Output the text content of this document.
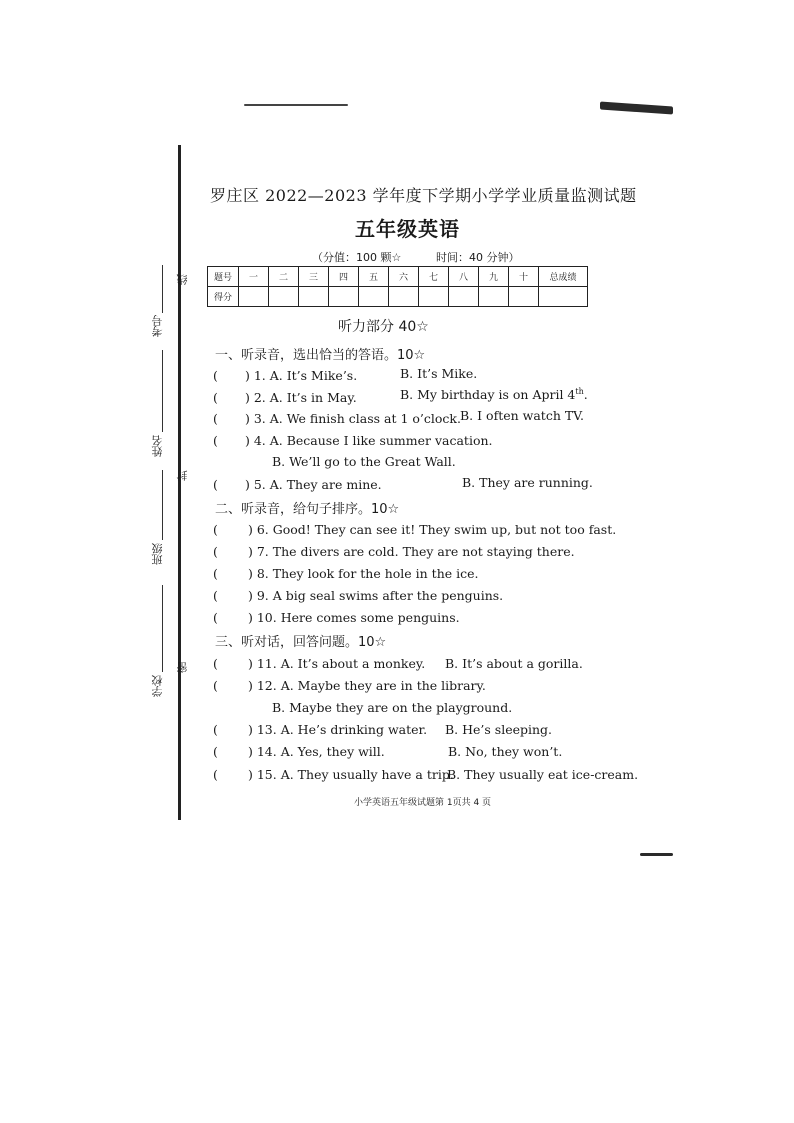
考号
姓名
班级
学校
线
封
密
罗庄区 2022—2023 学年度下学期小学学业质量监测试题
五年级英语
（分值：100 颗☆	时间：40 分钟）
题号	一	二	三	四	五	六	七	八	九	十	总成绩
得分											
听力部分 40☆
一、听录音，选出恰当的答语。10☆
( ) 1. A. It’s Mike’s.	B. It’s Mike.
( ) 2. A. It’s in May.	B. My birthday is on April 4th.
( ) 3. A. We finish class at 1 o’clock. B. I often watch TV.
( ) 4. A. Because I like summer vacation.
B. We’ll go to the Great Wall.
( ) 5. A. They are mine.	B. They are running.
二、听录音，给句子排序。10☆
( ) 6. Good! They can see it! They swim up, but not too fast.
( ) 7. The divers are cold. They are not staying there.
( ) 8. They look for the hole in the ice.
( ) 9. A big seal swims after the penguins.
( ) 10. Here comes some penguins.
三、听对话，回答问题。10☆
( ) 11. A. It’s about a monkey. B. It’s about a gorilla.
( ) 12. A. Maybe they are in the library.
B. Maybe they are on the playground.
( ) 13. A. He’s drinking water. B. He’s sleeping.
( ) 14. A. Yes, they will.	B. No, they won’t.
( ) 15. A. They usually have a trip.
B. They usually eat ice-cream.
小学英语五年级试题第 1页共 4 页
